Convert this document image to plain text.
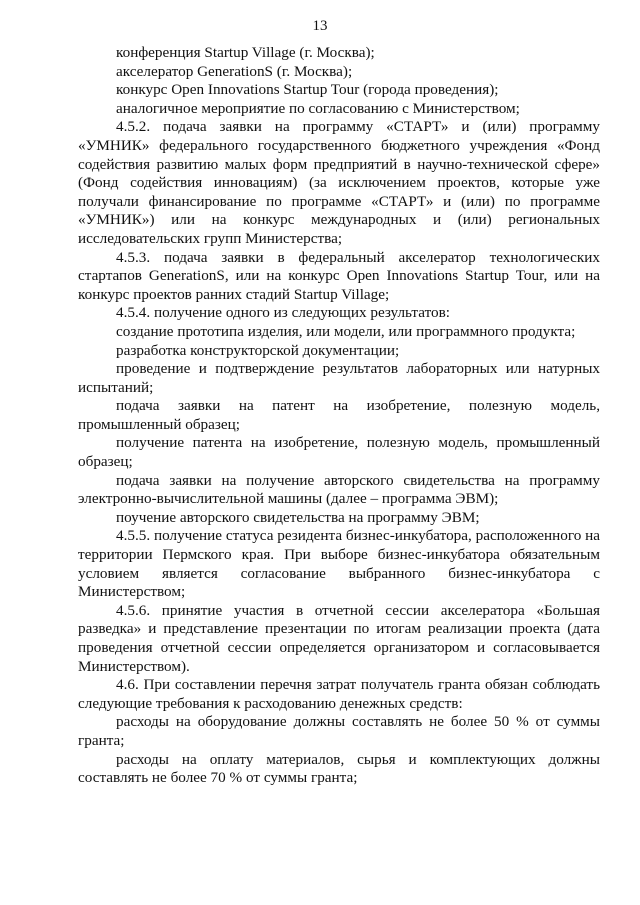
13

конференция Startup Village (г. Москва);

акселератор GenerationS (г. Москва);

конкурс Open Innovations Startup Tour (города проведения);

аналогичное мероприятие по согласованию с Министерством;

4.5.2. подача заявки на программу «СТАРТ» и (или) программу «УМНИК» федерального государственного бюджетного учреждения «Фонд содействия развитию малых форм предприятий в научно-технической сфере» (Фонд содействия инновациям) (за исключением проектов, которые уже получали финансирование по программе «СТАРТ» и (или) по программе «УМНИК») или на конкурс международных и (или) региональных исследовательских групп Министерства;

4.5.3. подача заявки в федеральный акселератор технологических стартапов GenerationS, или на конкурс Open Innovations Startup Tour, или на конкурс проектов ранних стадий Startup Village;

4.5.4. получение одного из следующих результатов:

создание прототипа изделия, или модели, или программного продукта;

разработка конструкторской документации;

проведение и подтверждение результатов лабораторных или натурных испытаний;

подача заявки на патент на изобретение, полезную модель, промышленный образец;

получение патента на изобретение, полезную модель, промышленный образец;

подача заявки на получение авторского свидетельства на программу электронно-вычислительной машины (далее – программа ЭВМ);

поучение авторского свидетельства на программу ЭВМ;

4.5.5. получение статуса резидента бизнес-инкубатора, расположенного на территории Пермского края. При выборе бизнес-инкубатора обязательным условием является согласование выбранного бизнес-инкубатора с Министерством;

4.5.6. принятие участия в отчетной сессии акселератора «Большая разведка» и представление презентации по итогам реализации проекта (дата проведения отчетной сессии определяется организатором и согласовывается Министерством).

4.6. При составлении перечня затрат получатель гранта обязан соблюдать следующие требования к расходованию денежных средств:

расходы на оборудование должны составлять не более 50 % от суммы гранта;

расходы на оплату материалов, сырья и комплектующих должны составлять не более 70 % от суммы гранта;
